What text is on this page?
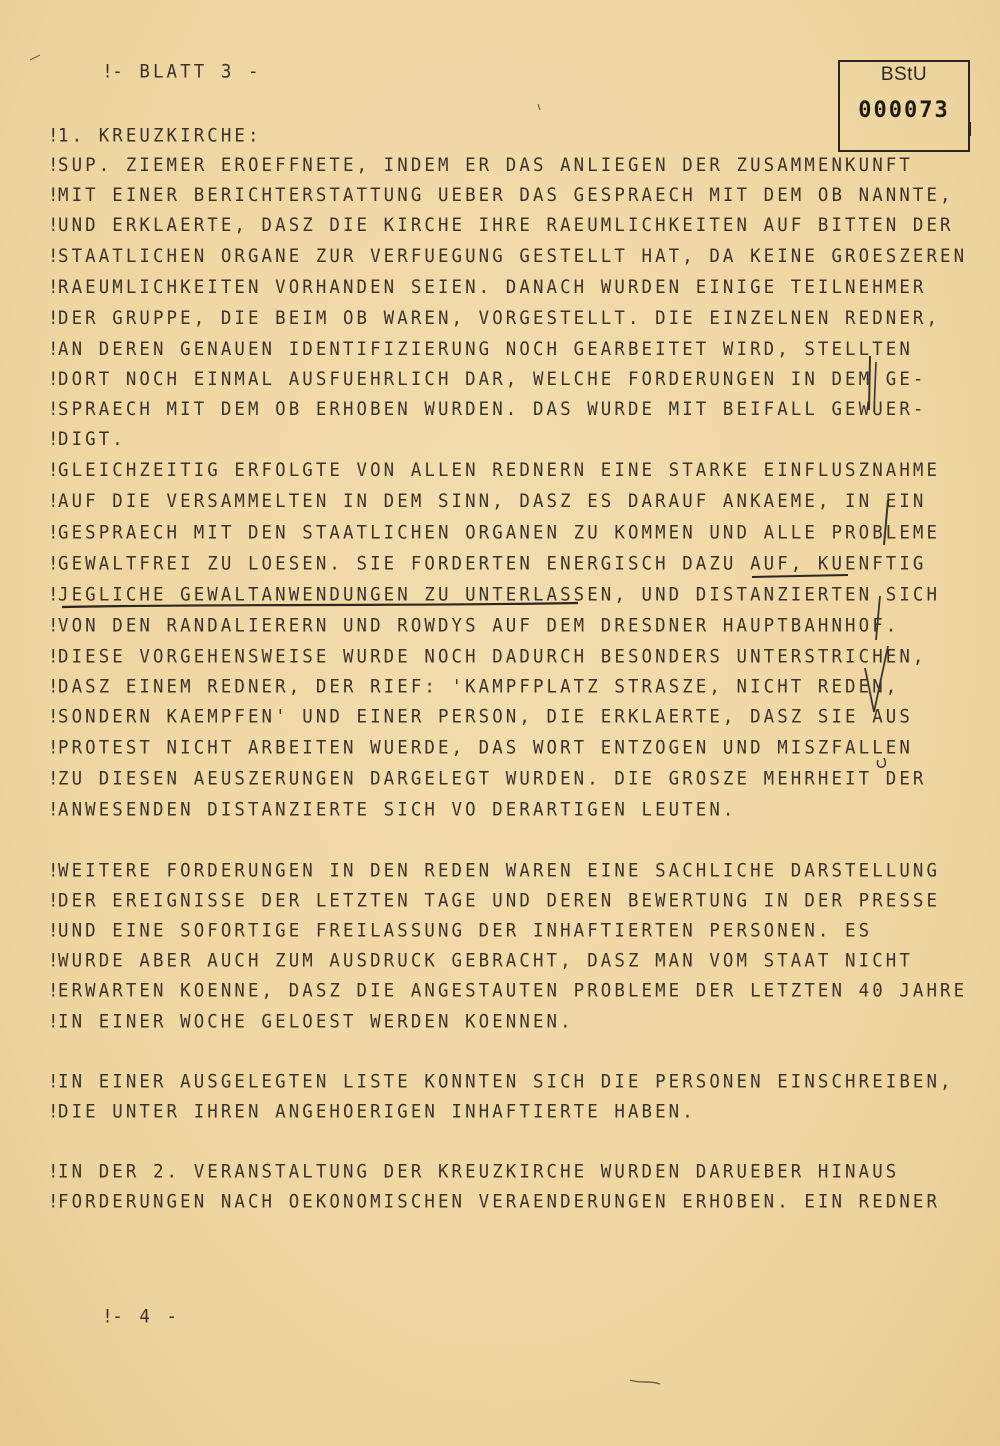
!- BLATT 3 -
	BStU
000073
!1. KREUZKIRCHE:
!SUP. ZIEMER EROEFFNETE, INDEM ER DAS ANLIEGEN DER ZUSAMMENKUNFT
!MIT EINER BERICHTERSTATTUNG UEBER DAS GESPRAECH MIT DEM OB NANNTE,
!UND ERKLAERTE, DASZ DIE KIRCHE IHRE RAEUMLICHKEITEN AUF BITTEN DER
!STAATLICHEN ORGANE ZUR VERFUEGUNG GESTELLT HAT, DA KEINE GROESZEREN
!RAEUMLICHKEITEN VORHANDEN SEIEN. DANACH WURDEN EINIGE TEILNEHMER
!DER GRUPPE, DIE BEIM OB WAREN, VORGESTELLT. DIE EINZELNEN REDNER,
!AN DEREN GENAUEN IDENTIFIZIERUNG NOCH GEARBEITET WIRD, STELLTEN
!DORT NOCH EINMAL AUSFUEHRLICH DAR, WELCHE FORDERUNGEN IN DEM GE-
!SPRAECH MIT DEM OB ERHOBEN WURDEN. DAS WURDE MIT BEIFALL GEWUER-
!DIGT.
!GLEICHZEITIG ERFOLGTE VON ALLEN REDNERN EINE STARKE EINFLUSZNAHME
!AUF DIE VERSAMMELTEN IN DEM SINN, DASZ ES DARAUF ANKAEME, IN EIN
!GESPRAECH MIT DEN STAATLICHEN ORGANEN ZU KOMMEN UND ALLE PROBLEME
!GEWALTFREI ZU LOESEN. SIE FORDERTEN ENERGISCH DAZU AUF, KUENFTIG
!JEGLICHE GEWALTANWENDUNGEN ZU UNTERLASSEN, UND DISTANZIERTEN SICH
!VON DEN RANDALIERERN UND ROWDYS AUF DEM DRESDNER HAUPTBAHNHOF.
!DIESE VORGEHENSWEISE WURDE NOCH DADURCH BESONDERS UNTERSTRICHEN,
!DASZ EINEM REDNER, DER RIEF: 'KAMPFPLATZ STRASZE, NICHT REDEN,
!SONDERN KAEMPFEN' UND EINER PERSON, DIE ERKLAERTE, DASZ SIE AUS
!PROTEST NICHT ARBEITEN WUERDE, DAS WORT ENTZOGEN UND MISZFALLEN
!ZU DIESEN AEUSZERUNGEN DARGELEGT WURDEN. DIE GROSZE MEHRHEIT DER
!ANWESENDEN DISTANZIERTE SICH VO DERARTIGEN LEUTEN.
!WEITERE FORDERUNGEN IN DEN REDEN WAREN EINE SACHLICHE DARSTELLUNG
!DER EREIGNISSE DER LETZTEN TAGE UND DEREN BEWERTUNG IN DER PRESSE
!UND EINE SOFORTIGE FREILASSUNG DER INHAFTIERTEN PERSONEN. ES
!WURDE ABER AUCH ZUM AUSDRUCK GEBRACHT, DASZ MAN VOM STAAT NICHT
!ERWARTEN KOENNE, DASZ DIE ANGESTAUTEN PROBLEME DER LETZTEN 40 JAHRE
!IN EINER WOCHE GELOEST WERDEN KOENNEN.
!IN EINER AUSGELEGTEN LISTE KONNTEN SICH DIE PERSONEN EINSCHREIBEN,
!DIE UNTER IHREN ANGEHOERIGEN INHAFTIERTE HABEN.
!IN DER 2. VERANSTALTUNG DER KREUZKIRCHE WURDEN DARUEBER HINAUS
!FORDERUNGEN NACH OEKONOMISCHEN VERAENDERUNGEN ERHOBEN. EIN REDNER

!- 4 -
